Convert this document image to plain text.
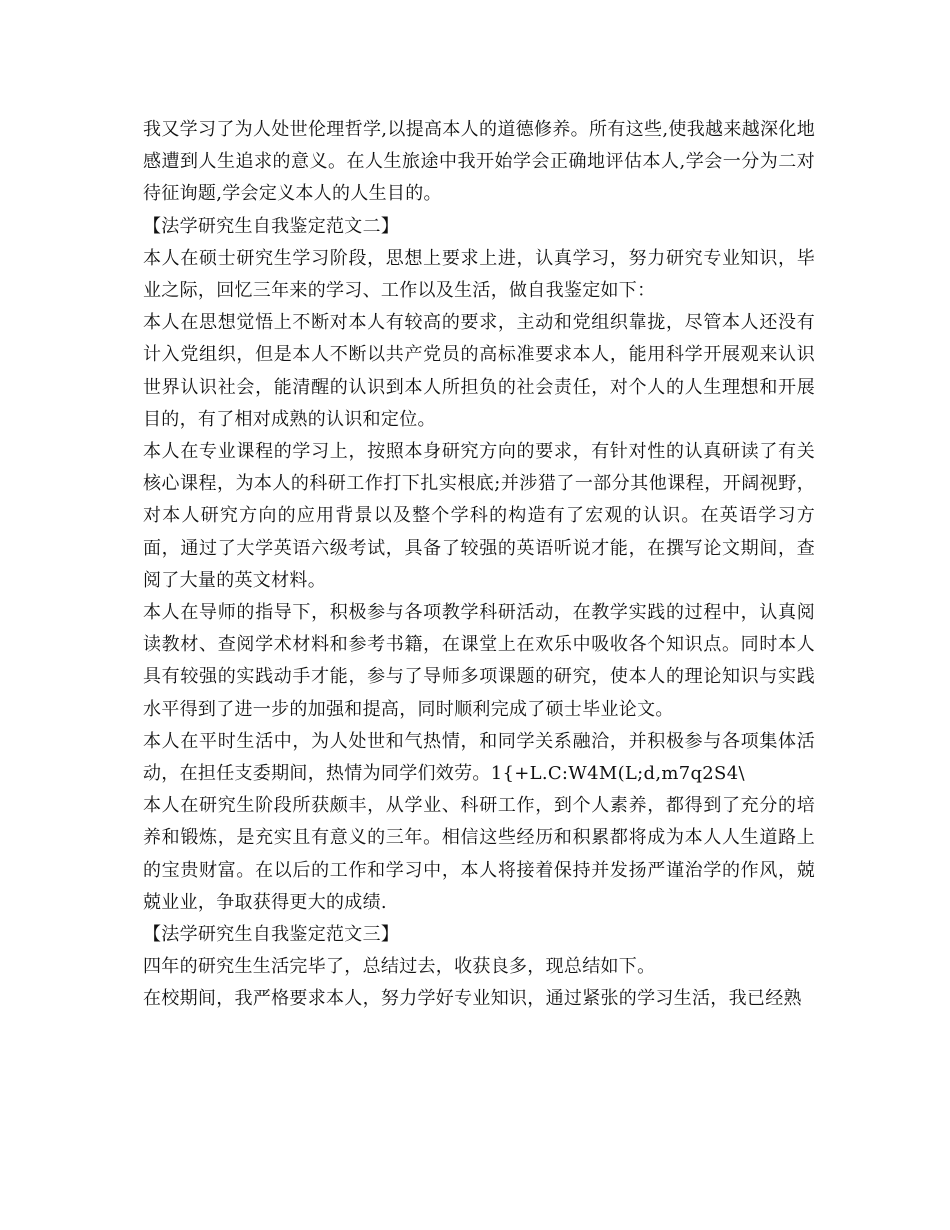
我又学习了为人处世伦理哲学,以提高本人的道德修养。所有这些,使我越来越深化地感遭到人生追求的意义。在人生旅途中我开始学会正确地评估本人,学会一分为二对待征询题,学会定义本人的人生目的。

【法学研究生自我鉴定范文二】

本人在硕士研究生学习阶段，思想上要求上进，认真学习，努力研究专业知识，毕业之际，回忆三年来的学习、工作以及生活，做自我鉴定如下：

本人在思想觉悟上不断对本人有较高的要求，主动和党组织靠拢，尽管本人还没有计入党组织，但是本人不断以共产党员的高标准要求本人，能用科学开展观来认识世界认识社会，能清醒的认识到本人所担负的社会责任，对个人的人生理想和开展目的，有了相对成熟的认识和定位。

本人在专业课程的学习上，按照本身研究方向的要求，有针对性的认真研读了有关核心课程，为本人的科研工作打下扎实根底;并涉猎了一部分其他课程，开阔视野，对本人研究方向的应用背景以及整个学科的构造有了宏观的认识。在英语学习方面，通过了大学英语六级考试，具备了较强的英语听说才能，在撰写论文期间，查阅了大量的英文材料。

本人在导师的指导下，积极参与各项教学科研活动，在教学实践的过程中，认真阅读教材、查阅学术材料和参考书籍，在课堂上在欢乐中吸收各个知识点。同时本人具有较强的实践动手才能，参与了导师多项课题的研究，使本人的理论知识与实践水平得到了进一步的加强和提高，同时顺利完成了硕士毕业论文。

本人在平时生活中，为人处世和气热情，和同学关系融洽，并积极参与各项集体活动，在担任支委期间，热情为同学们效劳。1{+L.C:W4M(L;d,m7q2S4\

本人在研究生阶段所获颇丰，从学业、科研工作，到个人素养，都得到了充分的培养和锻炼，是充实且有意义的三年。相信这些经历和积累都将成为本人人生道路上的宝贵财富。在以后的工作和学习中，本人将接着保持并发扬严谨治学的作风，兢兢业业，争取获得更大的成绩.

【法学研究生自我鉴定范文三】

四年的研究生生活完毕了，总结过去，收获良多，现总结如下。

在校期间，我严格要求本人，努力学好专业知识，通过紧张的学习生活，我已经熟
